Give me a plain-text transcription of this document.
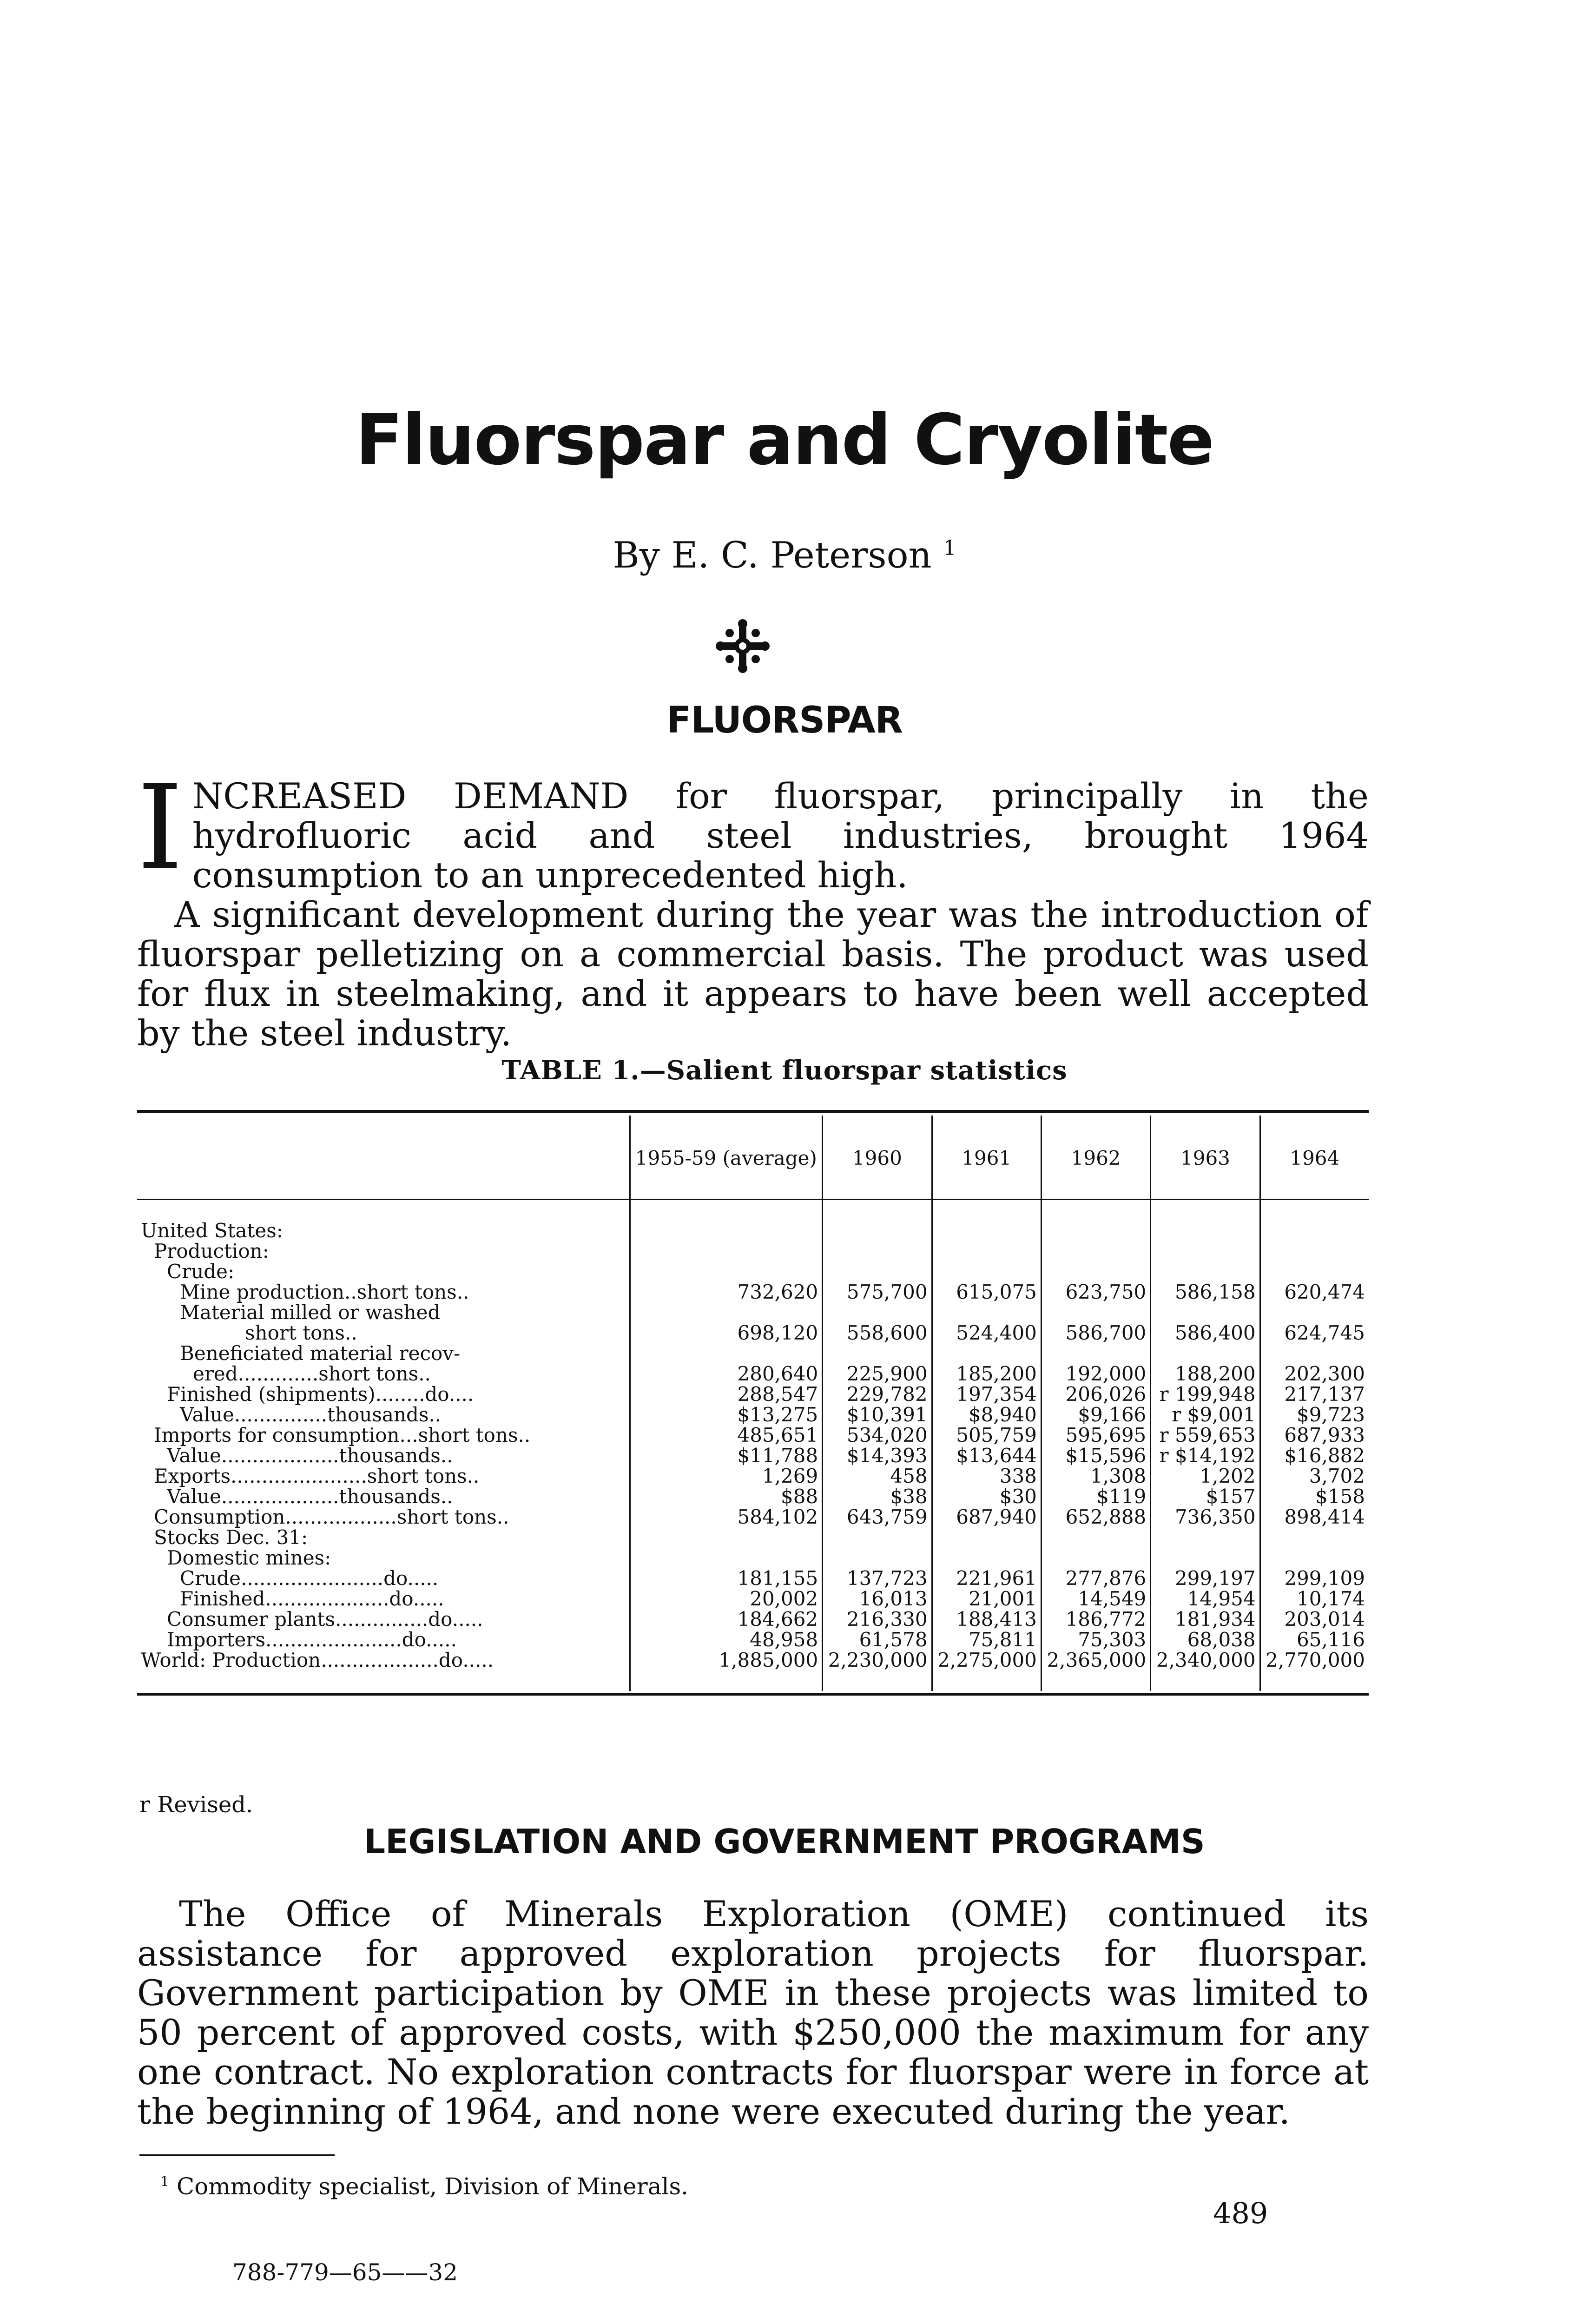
Fluorspar and Cryolite
By E. C. Peterson $^1$
FLUORSPAR

I NCREASED DEMAND for fluorspar, principally in the hydrofluoric acid and steel industries, brought 1964 consumption to an unprecedented high.

A significant development during the year was the introduction of fluorspar pelletizing on a commercial basis. The product was used for flux in steelmaking, and it appears to have been well accepted by the steel industry.

TABLE 1.—Salient fluorspar statistics
	1955-59 (average)	1960	1961	1962	1963	1964

United States:						
Production:						
Crude:						
Mine production..short tons..	732,620	575,700	615,075	623,750	586,158	620,474
Material milled or washed						
short tons..	698,120	558,600	524,400	586,700	586,400	624,745
Beneficiated material recov-						
ered.............short tons..	280,640	225,900	185,200	192,000	188,200	202,300
Finished (shipments)........do....	288,547	229,782	197,354	206,026	r 199,948	217,137
Value...............thousands..	$13,275	$10,391	$8,940	$9,166	r $9,001	$9,723
Imports for consumption...short tons..	485,651	534,020	505,759	595,695	r 559,653	687,933
Value...................thousands..	$11,788	$14,393	$13,644	$15,596	r $14,192	$16,882
Exports......................short tons..	1,269	458	338	1,308	1,202	3,702
Value...................thousands..	$88	$38	$30	$119	$157	$158
Consumption..................short tons..	584,102	643,759	687,940	652,888	736,350	898,414
Stocks Dec. 31:						
Domestic mines:						
Crude.......................do.....	181,155	137,723	221,961	277,876	299,197	299,109
Finished....................do.....	20,002	16,013	21,001	14,549	14,954	10,174
Consumer plants...............do.....	184,662	216,330	188,413	186,772	181,934	203,014
Importers......................do.....	48,958	61,578	75,811	75,303	68,038	65,116
World: Production...................do.....	1,885,000	2,230,000	2,275,000	2,365,000	2,340,000	2,770,000

r Revised.
LEGISLATION AND GOVERNMENT PROGRAMS

The Office of Minerals Exploration (OME) continued its assistance for approved exploration projects for fluorspar. Government participation by OME in these projects was limited to 50 percent of approved costs, with $250,000 the maximum for any one contract. No exploration contracts for fluorspar were in force at the beginning of 1964, and none were executed during the year.

$^1$ Commodity specialist, Division of Minerals.
489
788-779—65——32
